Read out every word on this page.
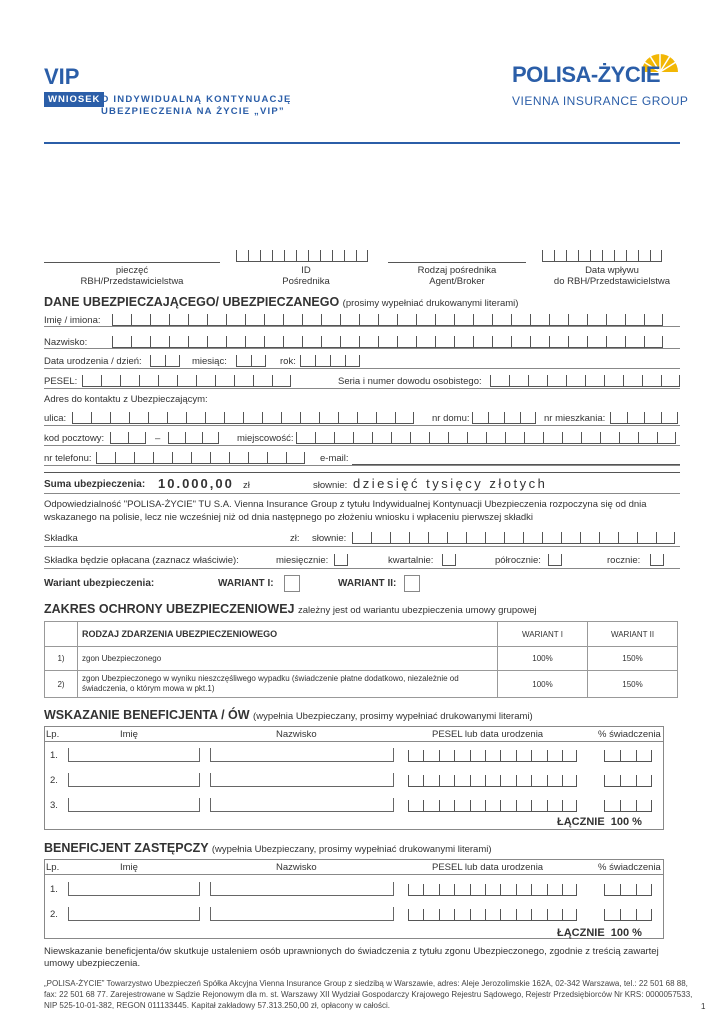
VIP
WNIOSEK O INDYWIDUALNĄ KONTYNUACJĘ
UBEZPIECZENIA NA ŻYCIE „VIP”
POLISA-ŻYCIE
VIENNA INSURANCE GROUP
pieczęć
RBH/Przedstawicielstwa
ID
Pośrednika
Rodzaj pośrednika
Agent/Broker
Data wpływu
do RBH/Przedstawicielstwa
DANE UBEZPIECZAJĄCEGO/ UBEZPIECZANEGO (prosimy wypełniać drukowanymi literami)
Imię / imiona:
Nazwisko:
Data urodzenia / dzień:	miesiąc:	rok:
PESEL:	Seria i numer dowodu osobistego:
Adres do kontaktu z Ubezpieczającym:
ulica:	nr domu:	nr mieszkania:
kod pocztowy:	–	miejscowość:
nr telefonu:	e-mail:
Suma ubezpieczenia: 10.000,00 zł	słownie: dziesięć tysięcy złotych
Odpowiedzialność "POLISA-ŻYCIE" TU S.A. Vienna Insurance Group z tytułu Indywidualnej Kontynuacji Ubezpieczenia rozpoczyna się od dnia wskazanego na polisie, lecz nie wcześniej niż od dnia następnego po złożeniu wniosku i wpłaceniu pierwszej składki
Składka	zł: słownie:
Składka będzie opłacana (zaznacz właściwie):	miesięcznie:	kwartalnie:	półrocznie:	rocznie:
Wariant ubezpieczenia:	WARIANT I:	WARIANT II:
ZAKRES OCHRONY UBEZPIECZENIOWEJ zależny jest od wariantu ubezpieczenia umowy grupowej
	RODZAJ ZDARZENIA UBEZPIECZENIOWEGO	WARIANT I	WARIANT II
1)	zgon Ubezpieczonego	100%	150%
2)	zgon Ubezpieczonego w wyniku nieszczęśliwego wypadku (świadczenie płatne dodatkowo, niezależnie od świadczenia, o którym mowa w pkt.1)	100%	150%
WSKAZANIE BENEFICJENTA / ÓW (wypełnia Ubezpieczany, prosimy wypełniać drukowanymi literami)
Lp.	Imię	Nazwisko	PESEL lub data urodzenia	% świadczenia
1.
2.
3.
ŁĄCZNIE  100 %
BENEFICJENT ZASTĘPCZY (wypełnia Ubezpieczany, prosimy wypełniać drukowanymi literami)
Lp.	Imię	Nazwisko	PESEL lub data urodzenia	% świadczenia
1.
2.
ŁĄCZNIE  100 %
Niewskazanie beneficjenta/ów skutkuje ustaleniem osób uprawnionych do świadczenia z tytułu zgonu Ubezpieczonego, zgodnie z treścią zawartej umowy ubezpieczenia.
„POLISA-ŻYCIE” Towarzystwo Ubezpieczeń Spółka Akcyjna Vienna Insurance Group z siedzibą w Warszawie, adres: Aleje Jerozolimskie 162A, 02-342 Warszawa, tel.: 22 501 68 88, fax: 22 501 68 77. Zarejestrowane w Sądzie Rejonowym dla m. st. Warszawy XII Wydział Gospodarczy Krajowego Rejestru Sądowego, Rejestr Przedsiębiorców Nr KRS: 0000057533, NIP 525-10-01-382, REGON 011133445. Kapitał zakładowy 57.313.250,00 zł, opłacony w całości.	1
